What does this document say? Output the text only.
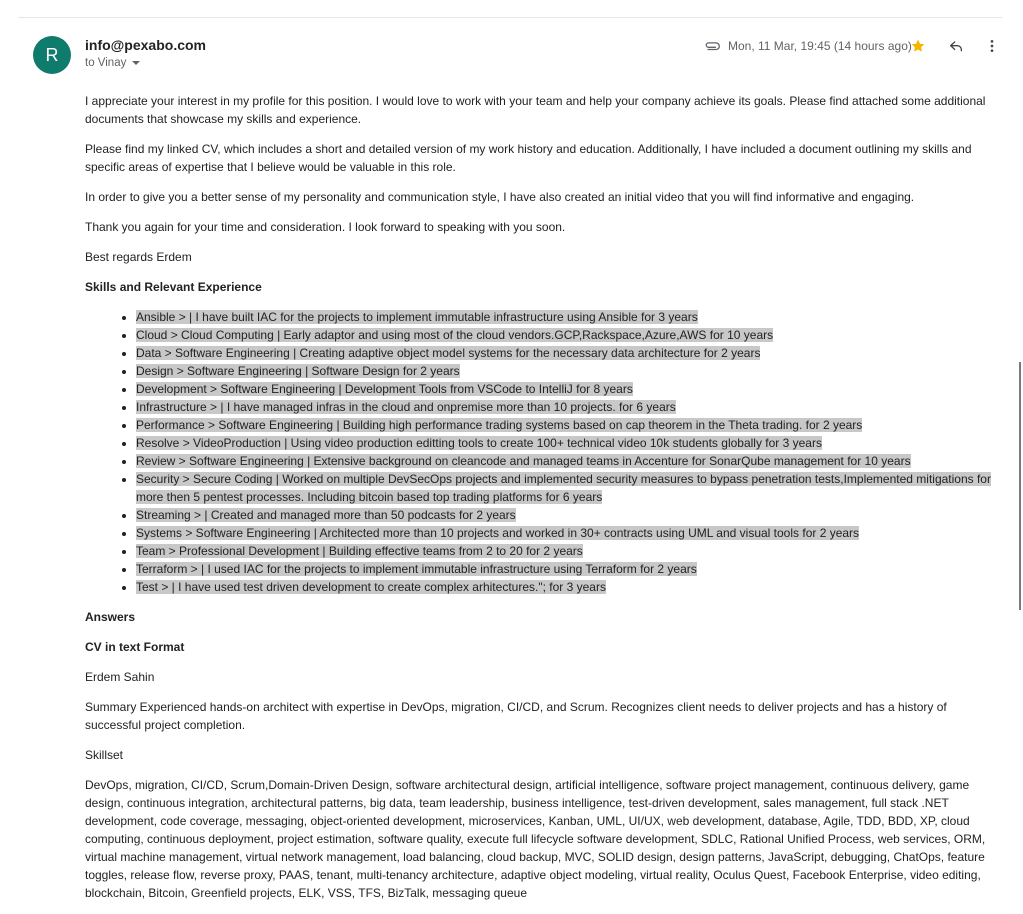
R	info@pexabo.com
to Vinay
Mon, 11 Mar, 19:45 (14 hours ago)

I appreciate your interest in my profile for this position. I would love to work with your team and help your company achieve its goals. Please find attached some additional documents that showcase my skills and experience.

Please find my linked CV, which includes a short and detailed version of my work history and education. Additionally, I have included a document outlining my skills and specific areas of expertise that I believe would be valuable in this role.

In order to give you a better sense of my personality and communication style, I have also created an initial video that you will find informative and engaging.

Thank you again for your time and consideration. I look forward to speaking with you soon.

Best regards Erdem

Skills and Relevant Experience
• Ansible > | I have built IAC for the projects to implement immutable infrastructure using Ansible for 3 years
• Cloud > Cloud Computing | Early adaptor and using most of the cloud vendors.GCP,Rackspace,Azure,AWS for 10 years
• Data > Software Engineering | Creating adaptive object model systems for the necessary data architecture for 2 years
• Design > Software Engineering | Software Design for 2 years
• Development > Software Engineering | Development Tools from VSCode to IntelliJ for 8 years
• Infrastructure > | I have managed infras in the cloud and onpremise more than 10 projects. for 6 years
• Performance > Software Engineering | Building high performance trading systems based on cap theorem in the Theta trading. for 2 years
• Resolve > VideoProduction | Using video production editting tools to create 100+ technical video 10k students globally for 3 years
• Review > Software Engineering | Extensive background on cleancode and managed teams in Accenture for SonarQube management for 10 years
• Security > Secure Coding | Worked on multiple DevSecOps projects and implemented security measures to bypass penetration tests,Implemented mitigations for more then 5 pentest processes. Including bitcoin based top trading platforms for 6 years
• Streaming > | Created and managed more than 50 podcasts for 2 years
• Systems > Software Engineering | Architected more than 10 projects and worked in 30+ contracts using UML and visual tools for 2 years
• Team > Professional Development | Building effective teams from 2 to 20 for 2 years
• Terraform > | I used IAC for the projects to implement immutable infrastructure using Terraform for 2 years
• Test > | I have used test driven development to create complex arhitectures."; for 3 years
Answers
CV in text Format

Erdem Sahin

Summary Experienced hands-on architect with expertise in DevOps, migration, CI/CD, and Scrum. Recognizes client needs to deliver projects and has a history of successful project completion.

Skillset

DevOps, migration, CI/CD, Scrum,Domain-Driven Design, software architectural design, artificial intelligence, software project management, continuous delivery, game design, continuous integration, architectural patterns, big data, team leadership, business intelligence, test-driven development, sales management, full stack .NET development, code coverage, messaging, object-oriented development, microservices, Kanban, UML, UI/UX, web development, database, Agile, TDD, BDD, XP, cloud computing, continuous deployment, project estimation, software quality, execute full lifecycle software development, SDLC, Rational Unified Process, web services, ORM, virtual machine management, virtual network management, load balancing, cloud backup, MVC, SOLID design, design patterns, JavaScript, debugging, ChatOps, feature toggles, release flow, reverse proxy, PAAS, tenant, multi-tenancy architecture, adaptive object modeling, virtual reality, Oculus Quest, Facebook Enterprise, video editing, blockchain, Bitcoin, Greenfield projects, ELK, VSS, TFS, BizTalk, messaging queue
